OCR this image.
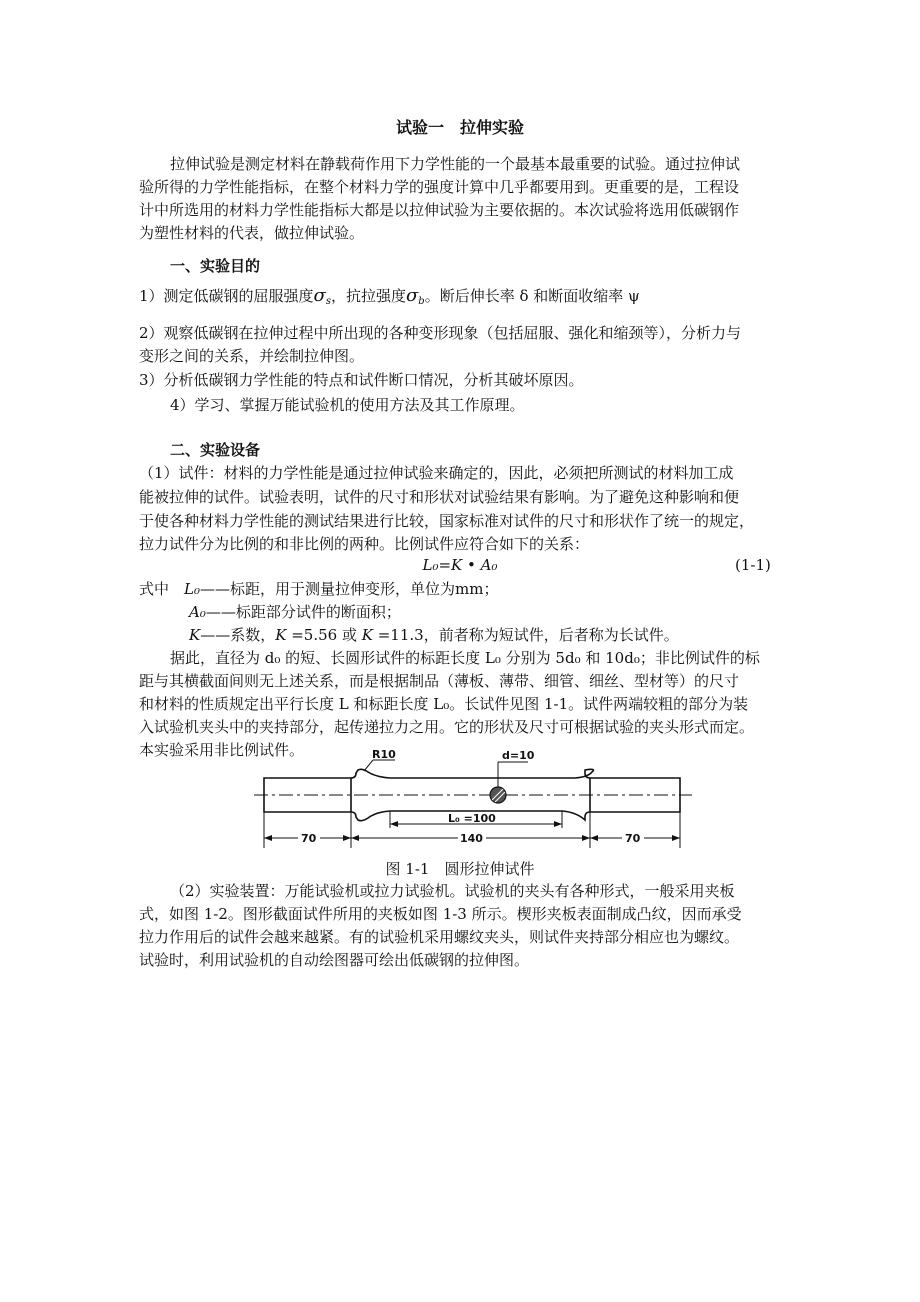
试验一　拉伸实验
拉伸试验是测定材料在静载荷作用下力学性能的一个最基本最重要的试验。通过拉伸试
验所得的力学性能指标，在整个材料力学的强度计算中几乎都要用到。更重要的是，工程设
计中所选用的材料力学性能指标大都是以拉伸试验为主要依据的。本次试验将选用低碳钢作
为塑性材料的代表，做拉伸试验。
一、实验目的
1）测定低碳钢的屈服强度$\sigma_s$，抗拉强度$\sigma_b$。断后伸长率 δ 和断面收缩率 ψ
2）观察低碳钢在拉伸过程中所出现的各种变形现象（包括屈服、强化和缩颈等），分析力与
变形之间的关系，并绘制拉伸图。
3）分析低碳钢力学性能的特点和试件断口情况，分析其破坏原因。
4）学习、掌握万能试验机的使用方法及其工作原理。
二、实验设备
（1）试件：材料的力学性能是通过拉伸试验来确定的，因此，必须把所测试的材料加工成
能被拉伸的试件。试验表明，试件的尺寸和形状对试验结果有影响。为了避免这种影响和便
于使各种材料力学性能的测试结果进行比较，国家标准对试件的尺寸和形状作了统一的规定，
拉力试件分为比例的和非比例的两种。比例试件应符合如下的关系：
L₀=K • A₀	(1-1)
式中　L₀——标距，用于测量拉伸变形，单位为mm；
A₀——标距部分试件的断面积；
K——系数，K =5.56 或 K =11.3，前者称为短试件，后者称为长试件。
据此，直径为 d₀ 的短、长圆形试件的标距长度 L₀ 分别为 5d₀ 和 10d₀；非比例试件的标
距与其横截面间则无上述关系，而是根据制品（薄板、薄带、细管、细丝、型材等）的尺寸
和材料的性质规定出平行长度 L 和标距长度 L₀。长试件见图 1-1。试件两端较粗的部分为装
入试验机夹头中的夹持部分，起传递拉力之用。它的形状及尺寸可根据试验的夹头形式而定。
本实验采用非比例试件。	R10	d=10
L₀ =100
70	140	70
图 1-1　圆形拉伸试件
（2）实验装置：万能试验机或拉力试验机。试验机的夹头有各种形式，一般采用夹板
式，如图 1-2。图形截面试件所用的夹板如图 1-3 所示。楔形夹板表面制成凸纹，因而承受
拉力作用后的试件会越来越紧。有的试验机采用螺纹夹头，则试件夹持部分相应也为螺纹。
试验时，利用试验机的自动绘图器可绘出低碳钢的拉伸图。
